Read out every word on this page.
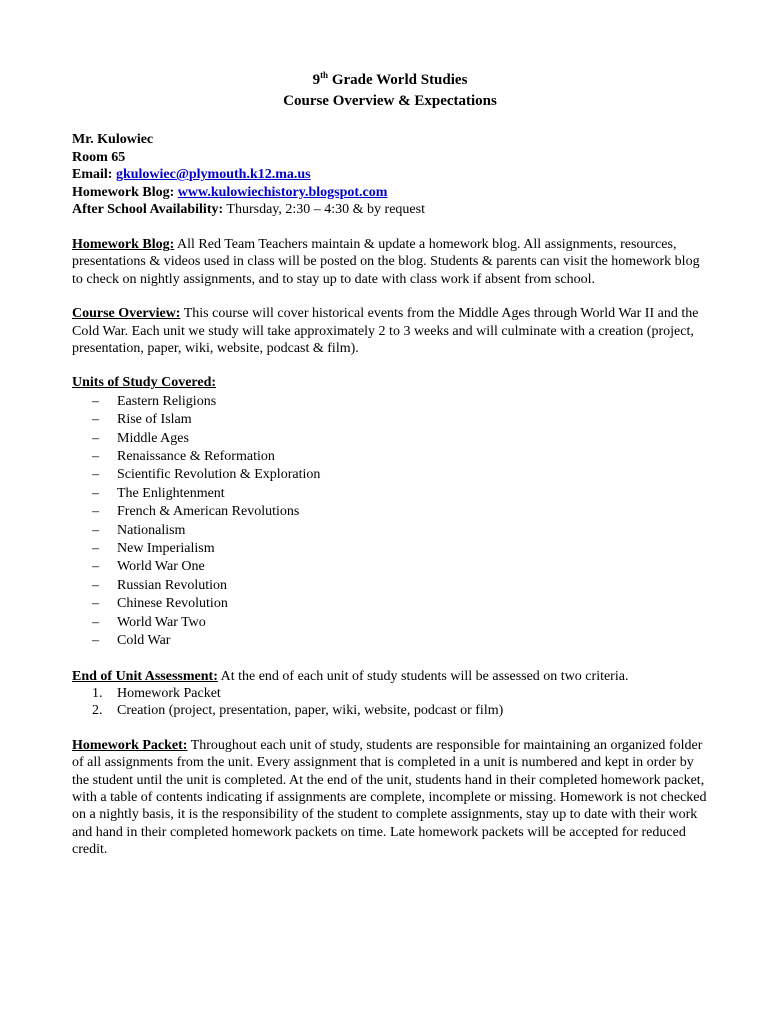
9th Grade World Studies
Course Overview & Expectations
Mr. Kulowiec
Room 65
Email: gkulowiec@plymouth.k12.ma.us
Homework Blog: www.kulowiechistory.blogspot.com
After School Availability: Thursday, 2:30 – 4:30 & by request

Homework Blog: All Red Team Teachers maintain & update a homework blog. All assignments, resources, presentations & videos used in class will be posted on the blog. Students & parents can visit the homework blog to check on nightly assignments, and to stay up to date with class work if absent from school.

Course Overview: This course will cover historical events from the Middle Ages through World War II and the Cold War. Each unit we study will take approximately 2 to 3 weeks and will culminate with a creation (project, presentation, paper, wiki, website, podcast & film).

Units of Study Covered:

– Eastern Religions
– Rise of Islam
– Middle Ages
– Renaissance & Reformation
– Scientific Revolution & Exploration
– The Enlightenment
– French & American Revolutions
– Nationalism
– New Imperialism
– World War One
– Russian Revolution
– Chinese Revolution
– World War Two
– Cold War

End of Unit Assessment: At the end of each unit of study students will be assessed on two criteria.

1. Homework Packet
2. Creation (project, presentation, paper, wiki, website, podcast or film)

Homework Packet: Throughout each unit of study, students are responsible for maintaining an organized folder of all assignments from the unit. Every assignment that is completed in a unit is numbered and kept in order by the student until the unit is completed. At the end of the unit, students hand in their completed homework packet, with a table of contents indicating if assignments are complete, incomplete or missing. Homework is not checked on a nightly basis, it is the responsibility of the student to complete assignments, stay up to date with their work and hand in their completed homework packets on time. Late homework packets will be accepted for reduced credit.
